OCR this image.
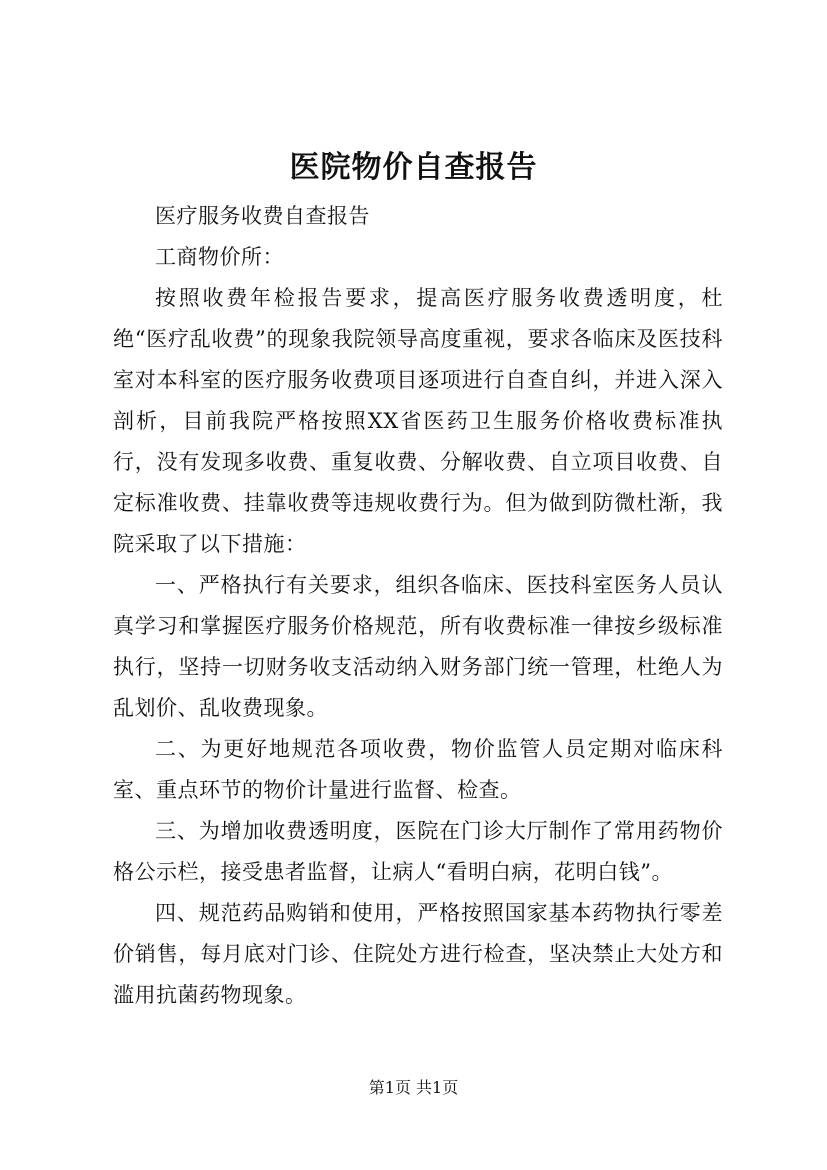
医院物价自查报告

医疗服务收费自查报告

工商物价所：

按照收费年检报告要求，提高医疗服务收费透明度，杜绝“医疗乱收费”的现象我院领导高度重视，要求各临床及医技科室对本科室的医疗服务收费项目逐项进行自查自纠，并进入深入剖析，目前我院严格按照XX省医药卫生服务价格收费标准执行，没有发现多收费、重复收费、分解收费、自立项目收费、自定标准收费、挂靠收费等违规收费行为。但为做到防微杜渐，我院采取了以下措施：

一、严格执行有关要求，组织各临床、医技科室医务人员认真学习和掌握医疗服务价格规范，所有收费标准一律按乡级标准执行，坚持一切财务收支活动纳入财务部门统一管理，杜绝人为乱划价、乱收费现象。

二、为更好地规范各项收费，物价监管人员定期对临床科室、重点环节的物价计量进行监督、检查。

三、为增加收费透明度，医院在门诊大厅制作了常用药物价格公示栏，接受患者监督，让病人“看明白病，花明白钱”。

四、规范药品购销和使用，严格按照国家基本药物执行零差价销售，每月底对门诊、住院处方进行检查，坚决禁止大处方和滥用抗菌药物现象。

第1页 共1页
